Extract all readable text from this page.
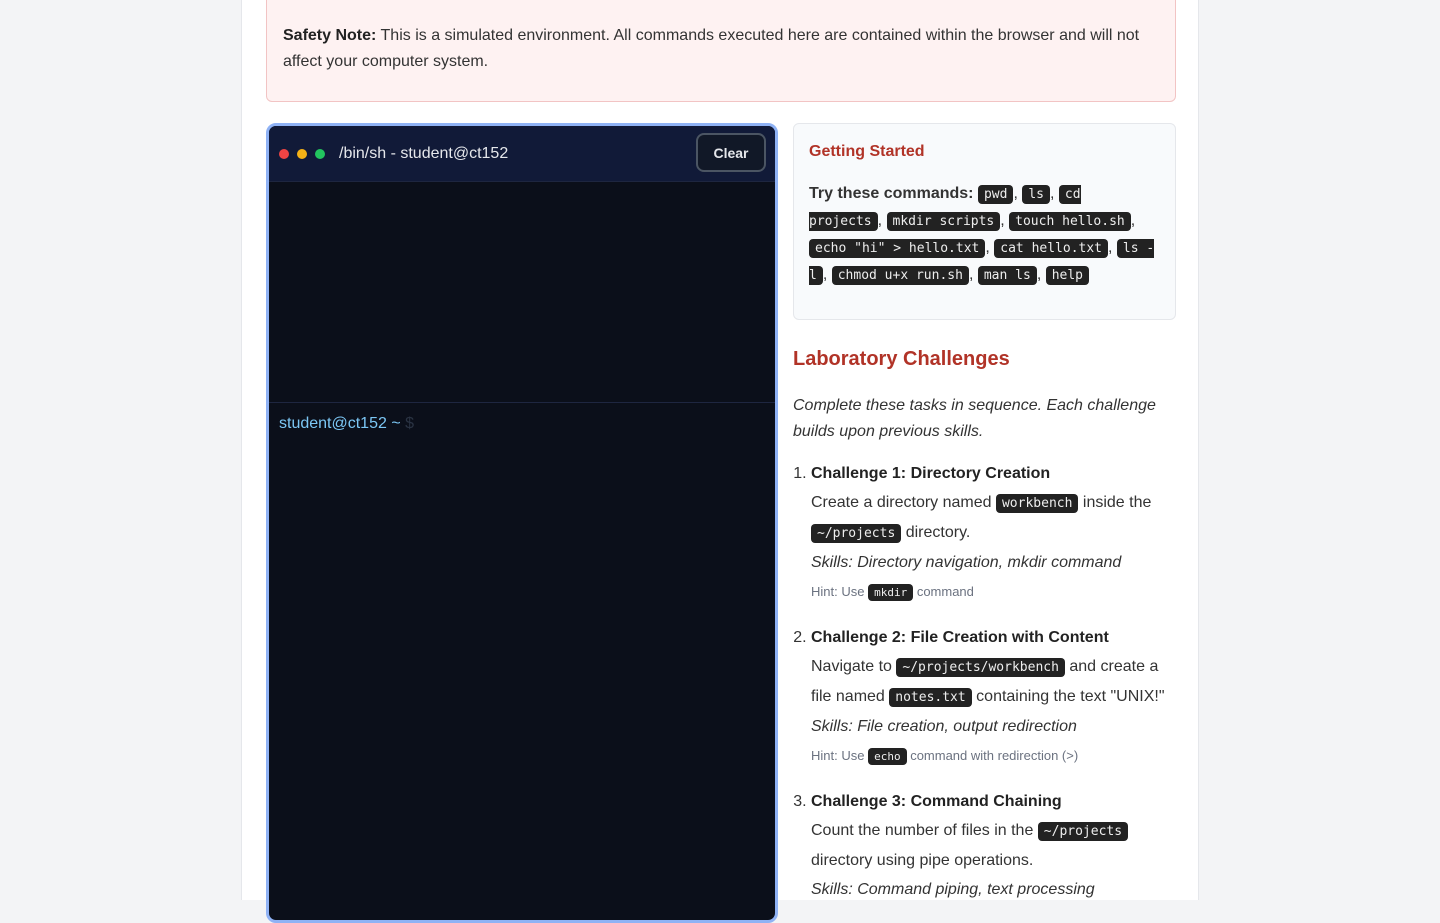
Safety Note: This is a simulated environment. All commands executed here are contained within the browser and will not affect your computer system.
/bin/sh - student@ct152	Clear
student@ct152 ~ $
Getting Started
Try these commands: pwd , ls , cd projects , mkdir scripts , touch hello.sh , echo "hi" > hello.txt , cat hello.txt , ls -l , chmod u+x run.sh , man ls , help
Laboratory Challenges

Complete these tasks in sequence. Each challenge builds upon previous skills.

1. Challenge 1: Directory Creation
Create a directory named workbench inside the ~/projects directory.
Skills: Directory navigation, mkdir command
Hint: Use mkdir command
2. Challenge 2: File Creation with Content
Navigate to ~/projects/workbench and create a file named notes.txt containing the text "UNIX!"
Skills: File creation, output redirection
Hint: Use echo command with redirection (>)
3. Challenge 3: Command Chaining
Count the number of files in the ~/projects directory using pipe operations.
Skills: Command piping, text processing
